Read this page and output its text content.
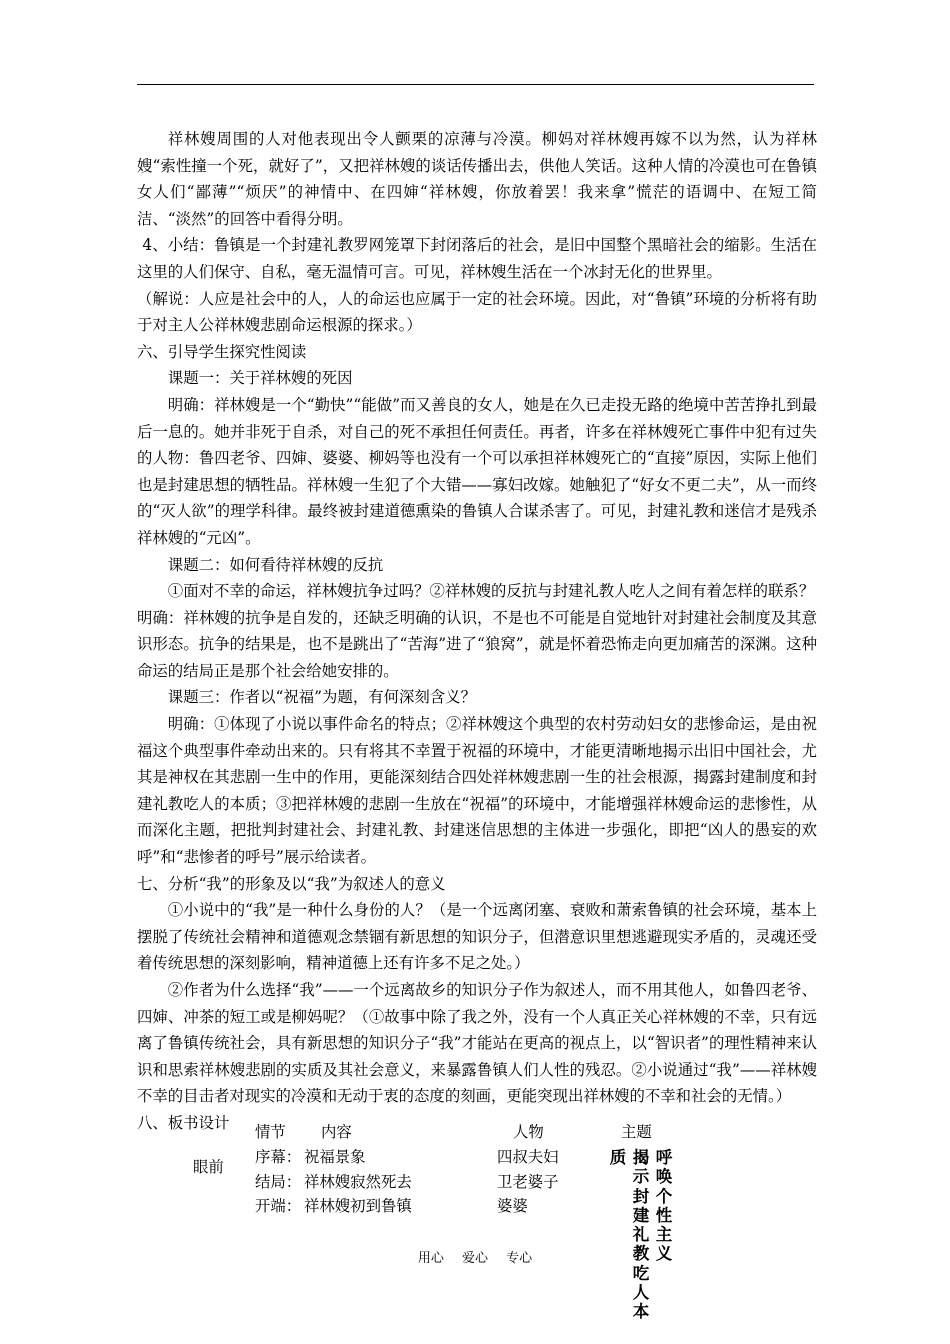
祥林嫂周围的人对他表现出令人颤栗的凉薄与冷漠。柳妈对祥林嫂再嫁不以为然，认为祥林嫂“索性撞一个死，就好了”，又把祥林嫂的谈话传播出去，供他人笑话。这种人情的冷漠也可在鲁镇女人们“鄙薄”“烦厌”的神情中、在四婶“祥林嫂，你放着罢！我来拿”慌茫的语调中、在短工简洁、“淡然”的回答中看得分明。

4、小结：鲁镇是一个封建礼教罗网笼罩下封闭落后的社会，是旧中国整个黑暗社会的缩影。生活在这里的人们保守、自私，毫无温情可言。可见，祥林嫂生活在一个冰封无化的世界里。

（解说：人应是社会中的人，人的命运也应属于一定的社会环境。因此，对“鲁镇”环境的分析将有助于对主人公祥林嫂悲剧命运根源的探求。）

六、引导学生探究性阅读

课题一：关于祥林嫂的死因

明确：祥林嫂是一个“勤快”“能做”而又善良的女人，她是在久已走投无路的绝境中苦苦挣扎到最后一息的。她并非死于自杀，对自己的死不承担任何责任。再者，许多在祥林嫂死亡事件中犯有过失的人物：鲁四老爷、四婶、婆婆、柳妈等也没有一个可以承担祥林嫂死亡的“直接”原因，实际上他们也是封建思想的牺牲品。祥林嫂一生犯了个大错——寡妇改嫁。她触犯了“好女不更二夫”，从一而终的“灭人欲”的理学科律。最终被封建道德熏染的鲁镇人合谋杀害了。可见，封建礼教和迷信才是残杀祥林嫂的“元凶”。

课题二：如何看待祥林嫂的反抗

①面对不幸的命运，祥林嫂抗争过吗？②祥林嫂的反抗与封建礼教人吃人之间有着怎样的联系？

明确：祥林嫂的抗争是自发的，还缺乏明确的认识，不是也不可能是自觉地针对封建社会制度及其意识形态。抗争的结果是，也不是跳出了“苦海”进了“狼窝”，就是怀着恐怖走向更加痛苦的深渊。这种命运的结局正是那个社会给她安排的。

课题三：作者以“祝福”为题，有何深刻含义？

明确：①体现了小说以事件命名的特点；②祥林嫂这个典型的农村劳动妇女的悲惨命运，是由祝福这个典型事件牵动出来的。只有将其不幸置于祝福的环境中，才能更清晰地揭示出旧中国社会，尤其是神权在其悲剧一生中的作用，更能深刻结合四处祥林嫂悲剧一生的社会根源，揭露封建制度和封建礼教吃人的本质；③把祥林嫂的悲剧一生放在“祝福”的环境中，才能增强祥林嫂命运的悲惨性，从而深化主题，把批判封建社会、封建礼教、封建迷信思想的主体进一步强化，即把“凶人的愚妄的欢呼”和“悲惨者的呼号”展示给读者。

七、分析“我”的形象及以“我”为叙述人的意义

①小说中的“我”是一种什么身份的人？（是一个远离闭塞、衰败和萧索鲁镇的社会环境，基本上摆脱了传统社会精神和道德观念禁锢有新思想的知识分子，但潜意识里想逃避现实矛盾的，灵魂还受着传统思想的深刻影响，精神道德上还有许多不足之处。）

②作者为什么选择“我”——一个远离故乡的知识分子作为叙述人，而不用其他人，如鲁四老爷、四婶、冲茶的短工或是柳妈呢？（①故事中除了我之外，没有一个人真正关心祥林嫂的不幸，只有远离了鲁镇传统社会，具有新思想的知识分子“我”才能站在更高的视点上，以“智识者”的理性精神来认识和思索祥林嫂悲剧的实质及其社会意义，来暴露鲁镇人们人性的残忍。②小说通过“我”——祥林嫂不幸的目击者对现实的冷漠和无动于衷的态度的刻画，更能突现出祥林嫂的不幸和社会的无情。）

八、板书设计

情节 内容	人物	主题
眼前
序幕： 祝福景象	四叔夫妇
结局： 祥林嫂寂然死去	卫老婆子
开端： 祥林嫂初到鲁镇	婆婆
质 揭示封建礼教吃人本
呼唤个性主义
用心 爱心 专心
